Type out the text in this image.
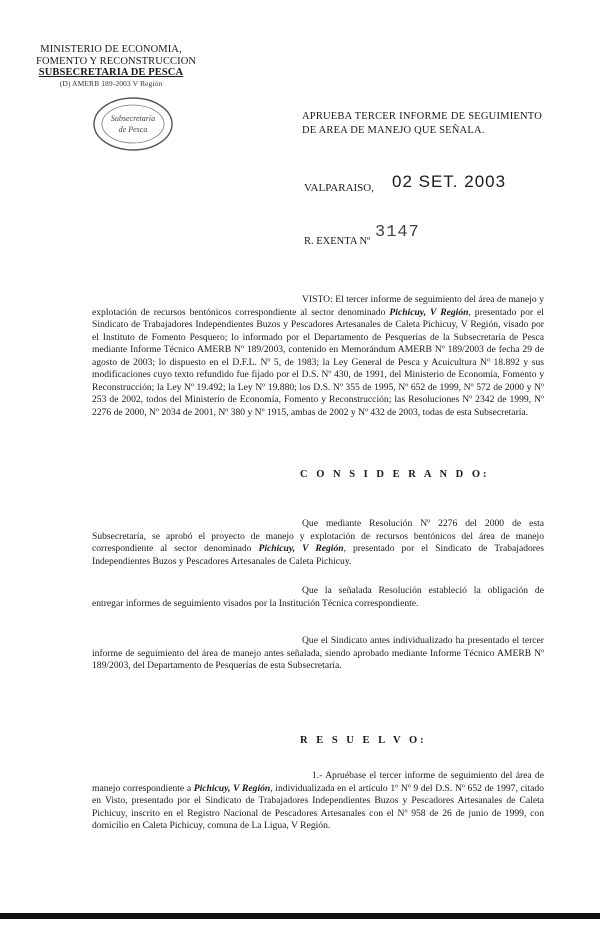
MINISTERIO DE ECONOMIA,
FOMENTO Y RECONSTRUCCION
SUBSECRETARIA DE PESCA
(D) AMERB 189-2003 V Región
Subsecretaría
de Pesca
APRUEBA TERCER INFORME DE SEGUIMIENTO DE AREA DE MANEJO QUE SEÑALA.
VALPARAISO, 02 SET. 2003
R. EXENTA Nº 3147
VISTO: El tercer informe de seguimiento del área de manejo y explotación de recursos bentónicos correspondiente al sector denominado Pichicuy, V Región, presentado por el Sindicato de Trabajadores Independientes Buzos y Pescadores Artesanales de Caleta Pichicuy, V Región, visado por el Instituto de Fomento Pesquero; lo informado por el Departamento de Pesquerías de la Subsecretaría de Pesca mediante Informe Técnico AMERB Nº 189/2003, contenido en Memorándum AMERB Nº 189/2003 de fecha 29 de agosto de 2003; lo dispuesto en el D.F.L. Nº 5, de 1983; la Ley General de Pesca y Acuicultura Nº 18.892 y sus modificaciones cuyo texto refundido fue fijado por el D.S. Nº 430, de 1991, del Ministerio de Economía, Fomento y Reconstrucción; la Ley Nº 19.492; la Ley Nº 19.880; los D.S. Nº 355 de 1995, Nº 652 de 1999, Nº 572 de 2000 y Nº 253 de 2002, todos del Ministerio de Economía, Fomento y Reconstrucción; las Resoluciones Nº 2342 de 1999, Nº 2276 de 2000, Nº 2034 de 2001, Nº 380 y Nº 1915, ambas de 2002 y Nº 432 de 2003, todas de esta Subsecretaría.
C O N S I D E R A N D O:
Que mediante Resolución Nº 2276 del 2000 de esta Subsecretaría, se aprobó el proyecto de manejo y explotación de recursos bentónicos del área de manejo correspondiente al sector denominado Pichicuy, V Región, presentado por el Sindicato de Trabajadores Independientes Buzos y Pescadores Artesanales de Caleta Pichicuy.
Que la señalada Resolución estableció la obligación de entregar informes de seguimiento visados por la Institución Técnica correspondiente.
Que el Sindicato antes individualizado ha presentado el tercer informe de seguimiento del área de manejo antes señalada, siendo aprobado mediante Informe Técnico AMERB Nº 189/2003, del Departamento de Pesquerías de esta Subsecretaría.
R E S U E L V O:
1.- Apruébase el tercer informe de seguimiento del área de manejo correspondiente a Pichicuy, V Región, individualizada en el artículo 1º Nº 9 del D.S. Nº 652 de 1997, citado en Visto, presentado por el Sindicato de Trabajadores Independientes Buzos y Pescadores Artesanales de Caleta Pichicuy, inscrito en el Registro Nacional de Pescadores Artesanales con el Nº 958 de 26 de junio de 1999, con domicilio en Caleta Pichicuy, comuna de La Ligua, V Región.
